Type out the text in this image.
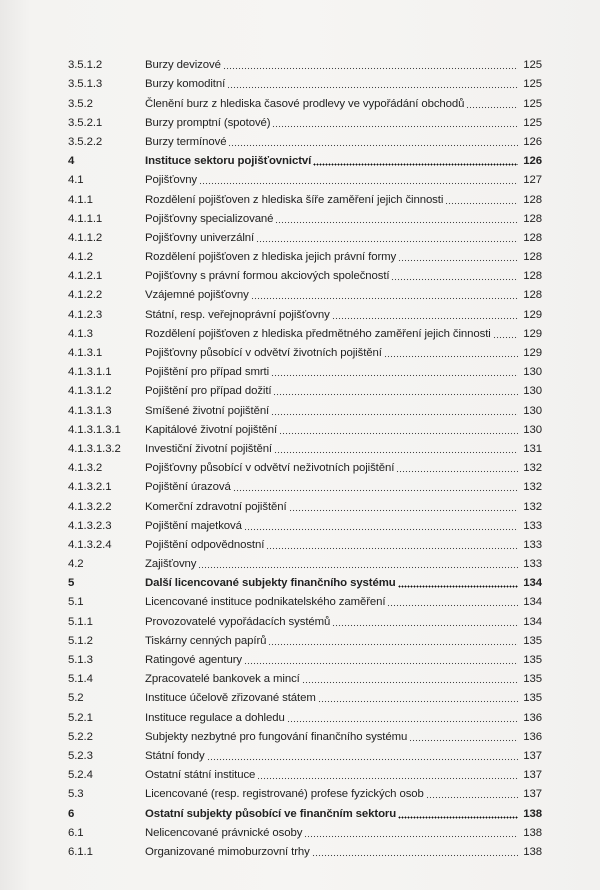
3.5.1.2	Burzy devizové	125
3.5.1.3	Burzy komoditní	125
3.5.2	Členění burz z hlediska časové prodlevy ve vypořádání obchodů	125
3.5.2.1	Burzy promptní (spotové)	125
3.5.2.2	Burzy termínové	126
4	Instituce sektoru pojišťovnictví	126
4.1	Pojišťovny	127
4.1.1	Rozdělení pojišťoven z hlediska šíře zaměření jejich činnosti	128
4.1.1.1	Pojišťovny specializované	128
4.1.1.2	Pojišťovny univerzální	128
4.1.2	Rozdělení pojišťoven z hlediska jejich právní formy	128
4.1.2.1	Pojišťovny s právní formou akciových společností	128
4.1.2.2	Vzájemné pojišťovny	128
4.1.2.3	Státní, resp. veřejnoprávní pojišťovny	129
4.1.3	Rozdělení pojišťoven z hlediska předmětného zaměření jejich činnosti	129
4.1.3.1	Pojišťovny působící v odvětví životních pojištění	129
4.1.3.1.1	Pojištění pro případ smrti	130
4.1.3.1.2	Pojištění pro případ dožití	130
4.1.3.1.3	Smíšené životní pojištění	130
4.1.3.1.3.1	Kapitálové životní pojištění	130
4.1.3.1.3.2	Investiční životní pojištění	131
4.1.3.2	Pojišťovny působící v odvětví neživotních pojištění	132
4.1.3.2.1	Pojištění úrazová	132
4.1.3.2.2	Komerční zdravotní pojištění	132
4.1.3.2.3	Pojištění majetková	133
4.1.3.2.4	Pojištění odpovědnostní	133
4.2	Zajišťovny	133
5	Další licencované subjekty finančního systému	134
5.1	Licencované instituce podnikatelského zaměření	134
5.1.1	Provozovatelé vypořádacích systémů	134
5.1.2	Tiskárny cenných papírů	135
5.1.3	Ratingové agentury	135
5.1.4	Zpracovatelé bankovek a mincí	135
5.2	Instituce účelově zřizované státem	135
5.2.1	Instituce regulace a dohledu	136
5.2.2	Subjekty nezbytné pro fungování finančního systému	136
5.2.3	Státní fondy	137
5.2.4	Ostatní státní instituce	137
5.3	Licencované (resp. registrované) profese fyzických osob	137
6	Ostatní subjekty působící ve finančním sektoru	138
6.1	Nelicencované právnické osoby	138
6.1.1	Organizované mimoburzovní trhy	138
